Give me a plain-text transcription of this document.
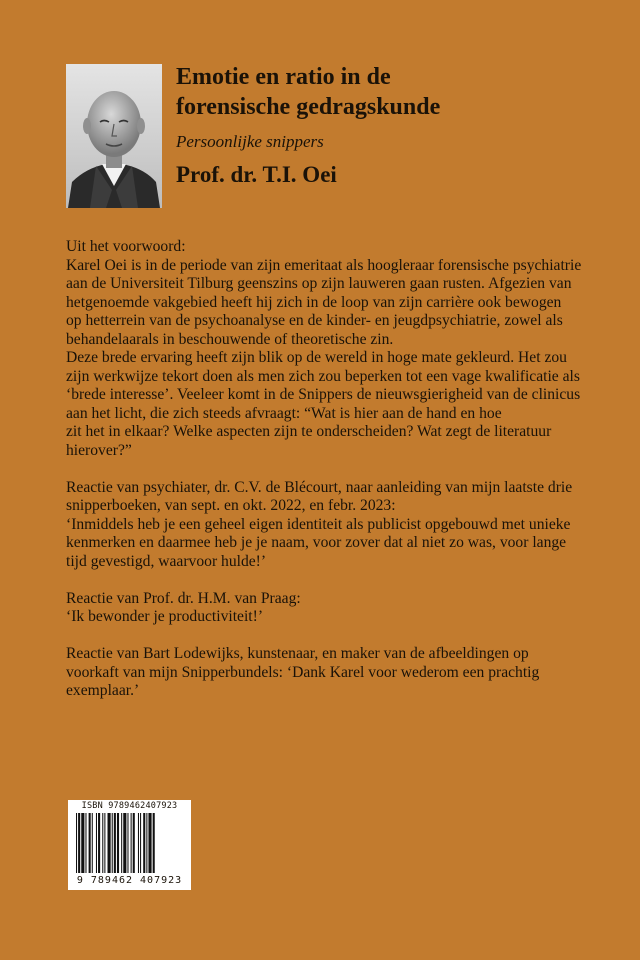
Emotie en ratio in de
forensische gedragskunde
Persoonlijke snippers
Prof. dr. T.I. Oei
Uit het voorwoord:
Karel Oei is in de periode van zijn emeritaat als hoogleraar forensische psychiatrie
aan de Universiteit Tilburg geenszins op zijn lauweren gaan rusten. Afgezien van
hetgenoemde vakgebied heeft hij zich in de loop van zijn carrière ook bewogen
op hetterrein van de psychoanalyse en de kinder- en jeugdpsychiatrie, zowel als
behandelaarals in beschouwende of theoretische zin.
Deze brede ervaring heeft zijn blik op de wereld in hoge mate gekleurd. Het zou
zijn werkwijze tekort doen als men zich zou beperken tot een vage kwalificatie als
‘brede interesse’. Veeleer komt in de Snippers de nieuwsgierigheid van de clinicus
aan het licht, die zich steeds afvraagt: “Wat is hier aan de hand en hoe
zit het in elkaar? Welke aspecten zijn te onderscheiden? Wat zegt de literatuur
hierover?”
Reactie van psychiater, dr. C.V. de Blécourt, naar aanleiding van mijn laatste drie
snipperboeken, van sept. en okt. 2022, en febr. 2023:
‘Inmiddels heb je een geheel eigen identiteit als publicist opgebouwd met unieke
kenmerken en daarmee heb je je naam, voor zover dat al niet zo was, voor lange
tijd gevestigd, waarvoor hulde!’
Reactie van Prof. dr. H.M. van Praag:
‘Ik bewonder je productiviteit!’
Reactie van Bart Lodewijks, kunstenaar, en maker van de afbeeldingen op
voorkaft van mijn Snipperbundels: ‘Dank Karel voor wederom een prachtig
exemplaar.’
ISBN 9789462407923
9 789462 407923
